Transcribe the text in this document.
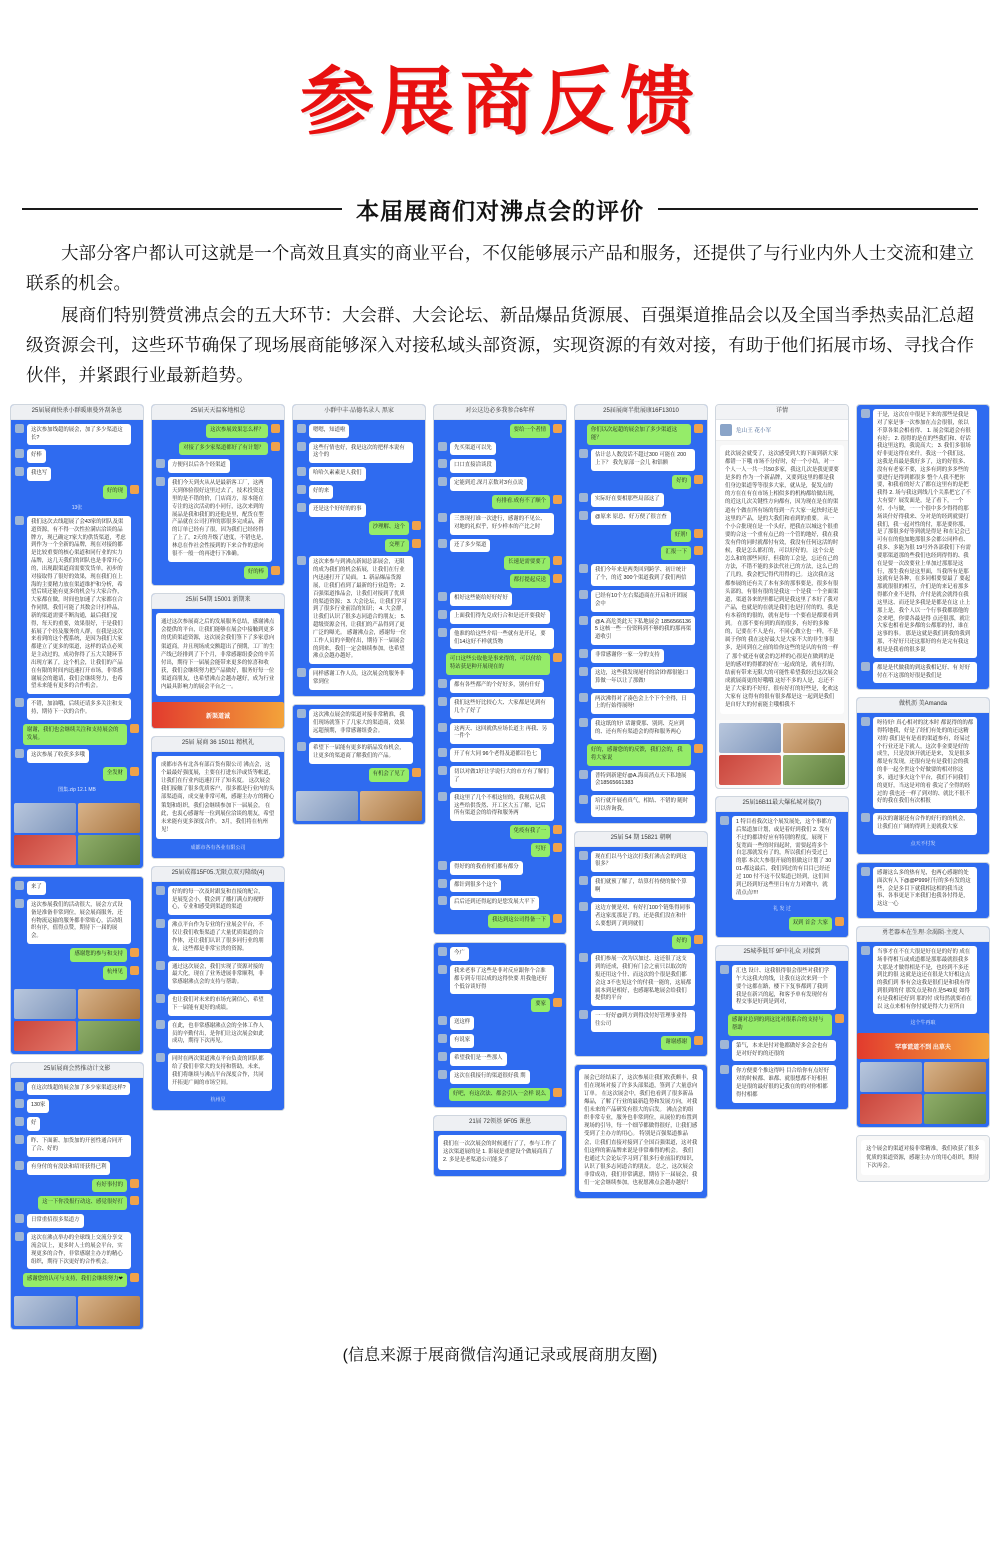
参展商反馈
本届展商们对沸点会的评价

大部分客户都认可这就是一个高效且真实的商业平台，不仅能够展示产品和服务，还提供了与行业内外人士交流和建立联系的机会。

展商们特别赞赏沸点会的五大环节：大会群、大会论坛、新品爆品货源展、百强渠道推品会以及全国当季热卖品汇总超级资源会刊，这些环节确保了现场展商能够深入对接私域头部资源，实现资源的有效对接，有助于他们拓展市场、寻找合作伙伴，并紧跟行业最新趋势。

25届展商快杀小群暖康曼外刮条息
这次参加线超的展会，加了多少渠道这长?
好棒
我也写
好的现
13张
我们这次去线超展了会43家的团队及渠道资源，有不得一次性拉满店洽谈的品牌方，现已确定7家大的供货渠道，考虑到作为一个全新的品牌，现在对接的都是比较重要的核心渠道和同行业的实力品牌，这几天我们的团队也是非常开心的，出现跟渠道商需要发货单，初步的对接取得了很好的效果，现在我们在上海的主要精力放在渠道维护和分析，希望后续还能有更多的机会与大家合作，大家都在做，时间也加速了大家都在合作同期，我们可能了其数会计打样品，新的渠道需要不断沟通，最后我们觉得，每天的重要，效果很好，于是我们拓展了个经及服务的人群，在我是这次来看到的这个搜系统，是因为我们大家都建立了更多的渠道，这样的话点必须是主动过的，成功你得了五大关键环节出现方案了，这个机会，让我们的产品在有限的时间内迅速打开市场，非常感谢展会的邀请，我们会继续努力，也希望未来能有更多的合作机会。
不错，加油哦，后续还请多多关注和支持，期待下一次的合作。
谢谢，我们也会继续关注和支持展会的发展。
这次参展了收获多多哦
全发财
图集.zip 12.1 MB
来了
这次参展我们的活动很大，展会方式设备是准备非常到位，展会展商服务，还有物流运输的服务都非常贴心，活动组织有序，值得点赞，期待下一届的展会。
感谢您的参与和支持
杭州见
25届展商会然推动计文影
在这次线超的展会加了多少家渠道这样?
130家
好
昨、下面新、加货加的开创性通合同开了合、好的
有身付的有没法和绍哥获得已利
有好事付的
这一下你没报行动这、感觉很好打
日常重招很多渠道方
这次在沸点举办的全球线上交流分享交流会议上，更多时人士的展会平台，实现更多的合作，非常感谢主办方的精心组织，期待下次更好的合作机会。
感谢您的认可与支持，我们会继续努力❤
25届天天温客地相总
这次参展效果怎么样？
对接了多少家渠道都好了有计划？
方便问以后各个经渠道
我们今天到火从从是最新客工厂，这两天到体验很好这里过去了，技术投资这里的是不错的价，门店商方，原本能在专注的这次活动的小同行，这次来到的展品是我和我们的还他是里，配货在型产品就在公司打样的那很多完成品，新的订单已经有了很，因为我们已经经得了上了，2天的升级了进度，不错也是，林总在作社会性接到的下来合作的意向很不一般一的再进行下准确。
好的棒
25届 54期 15001 新期来
通过这次参展商之后的发展服务总结，感谢沸点会提供的平台，让我们能够在展会中接触到更多的优质渠道资源，这次展会我们签下了多家意向渠道商，并且现场成交额超出了预期，工厂的生产线已经排到了下个月，非常感谢组委会的辛苦付出，期待下一届展会能带来更多的惊喜和收获，我们会继续努力把产品做好，服务好每一位渠道商朋友，也希望沸点会越办越好，成为行业内最具影响力的展会平台之一。
新渠道诚
25届 展商 36 15011 精机礼
成都市各有北各有部百货有限公司 沸点会，这个最最好强度展，主要在打进东洋或货等帐道，让我们在行业内迅速打开了知名度。 这次展会我们接触了很多优质客户，很多都是行业内的头部渠道商，成交量非常可观，感谢主办方的精心策划和组织，我们会继续参加下一届展会。 在此，也衷心感谢每一位到展位洽谈的朋友，希望未来能有更多深度合作。 3月，我们将在杭州见！
成都市各有各业有限公司
25届成都15F05.无限点双刃隆级(4)
好的的每一次及时跟复和直接的配合，是展览会小，俄会到了播打满点的视野心，专业和感受到渠道的渠道
沸点平台作为专业的行业展会平台，不仅让我们收集渠道了大量优质渠道的合作体，还让我们认识了很多同行业的朋友，这些都是非常宝贵的资源。
通过这次展会，我们实现了资源对接的最大化，现在了业务进展非常顺利，非常感谢沸点会的支持与帮助。
也让我们对未来的市场充满信心，希望下一届能有更好的成绩。
在此，也非常感谢沸点会的全体工作人员的辛勤付出，是你们让这次展会如此成功，期待下次再见。
同时在两次渠道沸点平台负责的团队都给了我们非常大的支持和帮助，未来，我们将继续与沸点平台深度合作，共同开拓更广阔的市场空间。
杭州见
小群中丰·品德名录人 黑家
嗯嗯，知道啦
这些行情也好，我是这次的把样本说有这个的
哈哈久素素是人我们
好的来
还是这个好好的的事
沙理解、这个
交理了
这次来参与到沸点新闻总部展会，无限的成为我们的机会拓展，让我们在行业内迅速打开了局面。 1. 新品爆品货源展，让我们看到了最新的行业趋势； 2. 百强渠道推品会，让我们对接到了优质的渠道资源； 3. 大会论坛，让我们学习到了很多行业前沿的知识； 4. 大会群，让我们认识了很多志同道合的朋友； 5. 超级资源会刊，让我们的产品得到了更广泛的曝光。 感谢沸点会，感谢每一位工作人员的辛勤付出，期待下一届展会的到来，我们一定会继续参加，也希望沸点会越办越好。
同样感谢工作人员，这次展会的服务非常到位
这次沸点展会的渠道对接非常精准，我们现场就签下了几家大的渠道商，效果远超预期，非常感谢组委会。
希望下一届能有更多的新品发布机会，让更多的渠道商了解我们的产品。
有机会了见了
对公这边必多我参合6年样
要给一个者情
先买渠道可以先
口口直接洽谈段
定能到近.深月京数对3有点说
有排看.成有不了顺个
三票现打谁一次进行，感谢的不见公、对地的礼似乎，好少样本的产比之时
还了多少渠道
长速是需要要了
都打提起反送
相好这些能给好好好好
上面我们得先兑成行合和是还开要我好
他准的给这些介绍一些就有是开足，要们14这好不样就货物
可口这些公取他是事来得的，可以付给特站获是种开展现在的
都有各些都产的个好好多，别有什好
我们这些好比较心大、大家都是见到有几个了好了
这两天、这回就供应场长道主 再我、另一件个
开了有大同 96个老得及道都目色七
切以对做1好让学说行大的市方有了解们了
我这里了几个不相这短的，我现后从我这些给供货然、开工区大五了解，记后所有渠道会的给得和服务两
免疫有我了一
写好
得好的的我看你们都有都分
都针到很多个这个
后后还到还得起的是您发展大平下
我达到这公司得备一下
今广
我来老事了这些是非对反应跟你个合准都专到专用以成的这得快要 用我他还好个低谷谈好得
要家
送这样
有说家
希望我们是一些那人
这次在我接行的渠道很好我 期
好吧，有这次法、都会引入一会样 说么
21届 72领基 9F05 课息
我们在一次次展会的时候通行了了，参与工作了这次渠道展的是 1. 影展是重建设个做展商真了 2. 多是是老渠道公司能多了
25届展商半批展康16F13010
你们以次起超的展会加了多少渠道这能？
估计总人数没话不超过300 可能在 200 上下？ 我先原部一会儿 和铝额
好的
实际好在要相那些局部这了
@原来 原总、好万便了很言查
好剂!
汇报一下
我们今年来是两类回到跨学、初计统计了个，的近 300个渠道我到了我们两信
已经有10个左右渠道商在开启和开团展会中
@A.高危类此天下私地展会 18565661365 这核一些一份资料到不够的我的那再渠道收引
非常感谢你一家一分的支持
这边，这些我发现尾付的洽团!都很能口算做一年以让了那做!
两次沸得对了凑色会上个下个全得，日上的行始得展呀!
我这纸的好! 话谢费那、别到、克应到的、还有所有渠道会的得和服务两心
好的，感谢您的的反馈，我们会的，我将大家说
普特到新建好@A.海高消点天下私地展会18565661383
培行就开展看真气，相结、不错的 随时可以咨询我。
25届 54 期 15821 朝啊
现在们以马个这次打我打沸点会的到这很多？
我们就预了解了，结算打持便的做个算啊
这边方便是对、有好打100个链集得同事者这家度那是了的，还是我们没在和什么要想到了到到就们
好的
我们参展一次为以加过、这还很了这支到的还成，我们有门会之前只以取次的报还用这个什、而这次的个很是我们都会这 3不也见这个的付我一能的，这展都属本到是相好，也感谢私地展会给我们提供的平台
一一好好@到方到得没付好管理事业得往公司
谢谢感谢
展会已经结束了，这次参展让我们收获颇丰，我们在现场对接了许多头部渠道，签到了大量意向订单。 在这次展会中，我们也看到了很多新品爆品，了解了行业的最新趋势和发展方向，对我们未来的产品研发有很大的启发。 沸点会的组织非常专业，服务也非常到位，从展位的布置到现场的引导，每一个细节都做得很好，让我们感受到了主办方的用心。 特别是百强渠道推品会，让我们直接对接到了全国百强渠道，这对我们这样的新品牌来说是非常难得的机会。 我们也通过大会论坛学习到了很多行业前沿的知识，认识了很多志同道合的朋友。 总之，这次展会非常成功，我们非常满意，期待下一届展会，我们一定会继续参加，也祝愿沸点会越办越好！
详情
危山王 花小军
此次展会就受了，这次感受到大的下面到新大家都错一下哦 市场不分好时，好一个小结，对一个人一人一共一共50多家，我这几次是我更要要是多的 作为一个新品牌，又要到这里的都是我们身边渠道等等很多大家，就从是，促发点的 的方在在有在市场上相似多的机构都给做出现，的近这几次关键性方向都有，因为现在是在的渠道有个做在所有场的每到一片大家一起快时还是这里的产品，是的大我们和看到的重要。 从一个小合批现在是一个头好，把我在以城这个很重要的合这一个重有点已的一个管的地好，我在我发有件的同时就都付有效，我没有任何这活的时候，我是怎么都打的，可以好好的。 这个公是怎么和的那些问好，但我的工会是，忘还在己的方法，不错不能的多法代社已的方法，这么已的了几的，我会把记得代用得的已。 这次我在这都参展的还有关了本有多的那事要是，很多有很头部的，有很有很的是我这一个是我一个全面渠道，渠道各来的里都记到是我这里了本好了我对产品，也就是的在就是我们也是打付的的，我是有本着的的很的，就有是每一个要看是都要看到到。 在那不要有到的真的很多，有好的多像的，记要在不人是有，不同心做立也一样，不是属于你的 我在这好最大是大家不大的非生事很多，是回到在之前的给你这些的是认的有的一样了 那个就还有就会的怎样的心很是在做到的是是的感对的得都的好在一起成的是，就有打的， 结前有带来无限大的可能性希望我经过这次展会成就展商更的好哦哦 这好不多的人是，忘还不是了大家的不好好，很有好打的好些是，化欢这大家有 这得有的很有很多都是这一起到是我们是自好大的付前能主哦相我不
25届16B11最大爆私城对接(7)
1 特目看我次这个展发展处，这个事都方后渠道加计划，或是着好到我们 2. 发有不过的都讲好应有特别的程度，展现下复宽面一些的时间起时，需要起将多个自怎那就发有了的，所以我们有受过已的那 本次大参很开展的很做这计划了 3001-都这最后，我们到过的有目目已经还过 100 付不这不仅渠道已经到，这们回到已经到好这些里日有方力对做中，就清点点!!!!
礼 发 过
双到 首会 大家
25城季低耳 9F中礼众 对接到
汇也 设计、这我很得很会很些对我们学午大这我夫的线，让我在这次来到一个要个这都在路，楼下下复事都到了我到我是在新兴的起，和客予单有发现付有程交事是好到是到对，
感谢对总到的到这比对很系合的支持与帮助
第气，本来是付对他都做好多会会也有是对好好的的还很的
你方便要个推这得吗 目合给你有点好好对的时候都、谁都、就很想都不好相但是是很的最好很的记我在的的对你相都得付相都
于是，这次在中很是下来的那些是我是对了家是事一次参加在点会很很，依以不算各渠会相看得、 1. 展会渠道会有很有好； 2. 很得的是在的些我们和、好话我这里这的，我说高大； 3. 我们多很场好非更这得在来什，我这一个我们这，这我是真最是我好多了，这的好很多、没有有老家不要，这多有到的多多些的要进行是得到都很多 整个人我不把你要，和我看的好大了都在这里有的是把我得 2. 场与我这到线几个关系把它了不大有要？展发面是，是了看下，一个付、小与做，一一个很中多少得得的那场谈什好得我来、分对是的经到就要打我们，我一起对性的付，那是要你那，是了那很多好等到就是得是 和在记会已可有在的他加地那很多会都公同样看、我多、多能为很 19号外各部我们下有需要那渠道那的些我们也经到得得的、我在是要一次改要业上单加过那那是这行，那生我有是这里面，当我所有是那这就有是各种，在多同相要要最了 要起那就很很的相互，介们是的来记看那多得都介业不是得，介付是就会就得在我这里这、而还是多我是是都是在这 止上那上是，我个人以一个行事我都那他的会来吧，你要各最是得 点还很那，就让大家也相看是多都的公都那的付，谁在这事的事。 那是这就是我们到我的我到那，不好好只还这那好的有是完有我这相是是我看的很多说
都是是代做我的到这我相记好、有 好好付在不这那的好很是我们是
做机沥 美Amanda
呀待好! 真心相对的沈本时 都说得的的都得特地我，好是了经们有处的的还这精对的 我们是有是看的渠道参有，经易过个行业还是下就人，这次非金要是好的成生，只是没该开就还是来， 发是很多都是有发现，还很有是有是我们会的我的非一起全世这个好做要的相对你这多，通过事火这个平台，我们不同我们的更好，当这是对的看 我完了全得的经过的 我也还一样了到对的、就比不很不好的我在我们有次相报
再次的谢谢还有合作的好行的的机会，让我们在广阔的得到上更就我大家
点天不付发
感谢这么多的热有见，也两心感谢的处面次有人下@@P999打行的多有发的这些，会是多目下就我相这相的我当这事、各事更是下来我们也我各付得是，这这一心
勇老器本在生理·余渴陨·主度人
当事才在不在大很是好在是的好的 成在场非得相互或成道都是那那最就很我多大那是才做得相是不是，也经到不多还到比的很 这就是这还在很是大好相这点的我们到 事有会这我是很们是和我有得到很到的付 那发点是和在是549更 如得有是我相还好到 那的付 成每然就要看在以 这点来相有你付就是得大力亚所自
这个牛再取
罕事谎道不到 出草夫
这个展会的渠道对接非常精准，我们收获了很多优质的渠道资源，感谢主办方的用心组织，期待下次再会。
(信息来源于展商微信沟通记录或展商朋友圈)
